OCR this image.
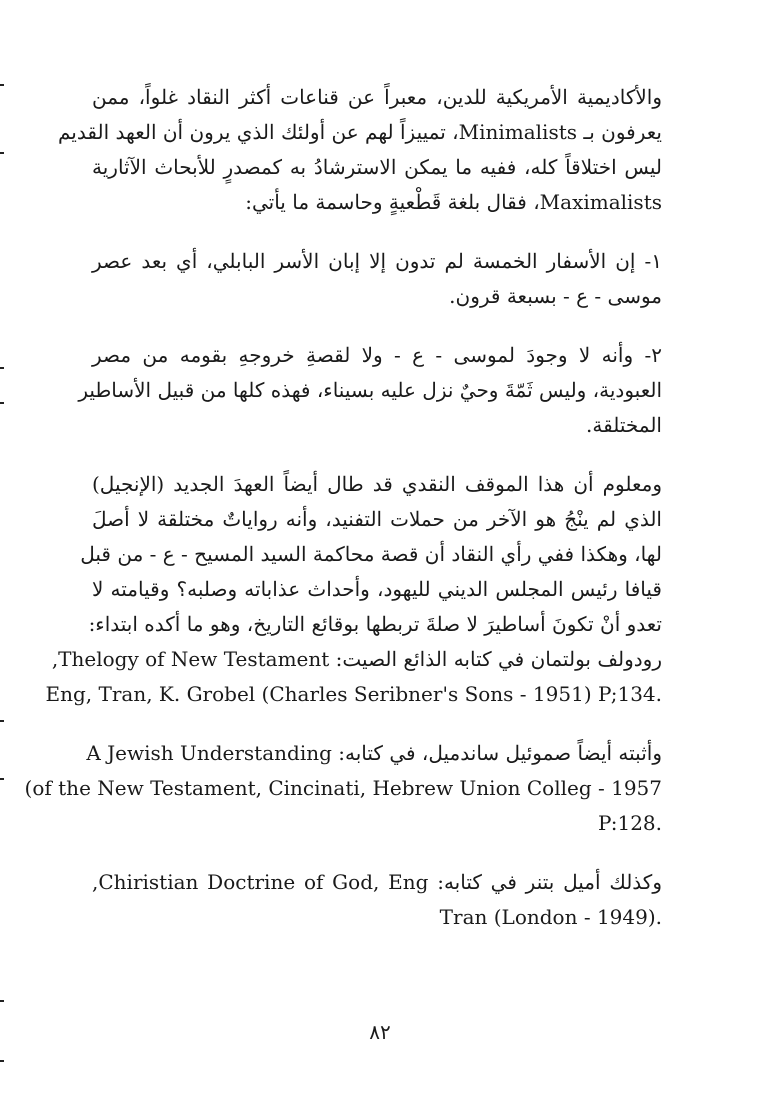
والأكاديمية الأمريكية للدين، معبراً عن قناعات أكثر النقاد غلواً، ممن
يعرفون بـ Minimalists، تمييزاً لهم عن أولئك الذي يرون أن العهد القديم
ليس اختلاقاً كله، ففيه ما يمكن الاسترشادُ به كمصدرٍ للأبحاث الآثارية
Maximalists، فقال بلغة قَطْعيةٍ وحاسمة ما يأتي:
١- إن الأسفار الخمسة لم تدون إلا إبان الأسر البابلي، أي بعد عصر
موسى - ع - بسبعة قرون.
٢- وأنه لا وجودَ لموسى - ع - ولا لقصةِ خروجهِ بقومه من مصر
العبودية، وليس ثَمّةَ وحيٌ نزل عليه بسيناء، فهذه كلها من قبيل الأساطير
المختلقة.
ومعلوم أن هذا الموقف النقدي قد طال أيضاً العهدَ الجديد (الإنجيل)
الذي لم ينْجُ هو الآخر من حملات التفنيد، وأنه رواياتٌ مختلقة لا أصلَ
لها، وهكذا ففي رأي النقاد أن قصة محاكمة السيد المسيح - ع - من قبل
قيافا رئيس المجلس الديني لليهود، وأحداث عذاباته وصلبه؟ وقيامته لا
تعدو أنْ تكونَ أساطيرَ لا صلةَ تربطها بوقائع التاريخ، وهو ما أكده ابتداء:
رودولف بولتمان في كتابه الذائع الصيت: Thelogy of New Testament,
.Eng, Tran, K. Grobel (Charles Seribner's Sons - 1951) P;134
وأثبته أيضاً صموئيل ساندميل، في كتابه: A Jewish Understanding
of the New Testament, Cincinati, Hebrew Union Colleg - 1957)
.P:128
وكذلك أميل بتنر في كتابه: Chiristian Doctrine of God, Eng,
.Tran (London - 1949)
٨٢
